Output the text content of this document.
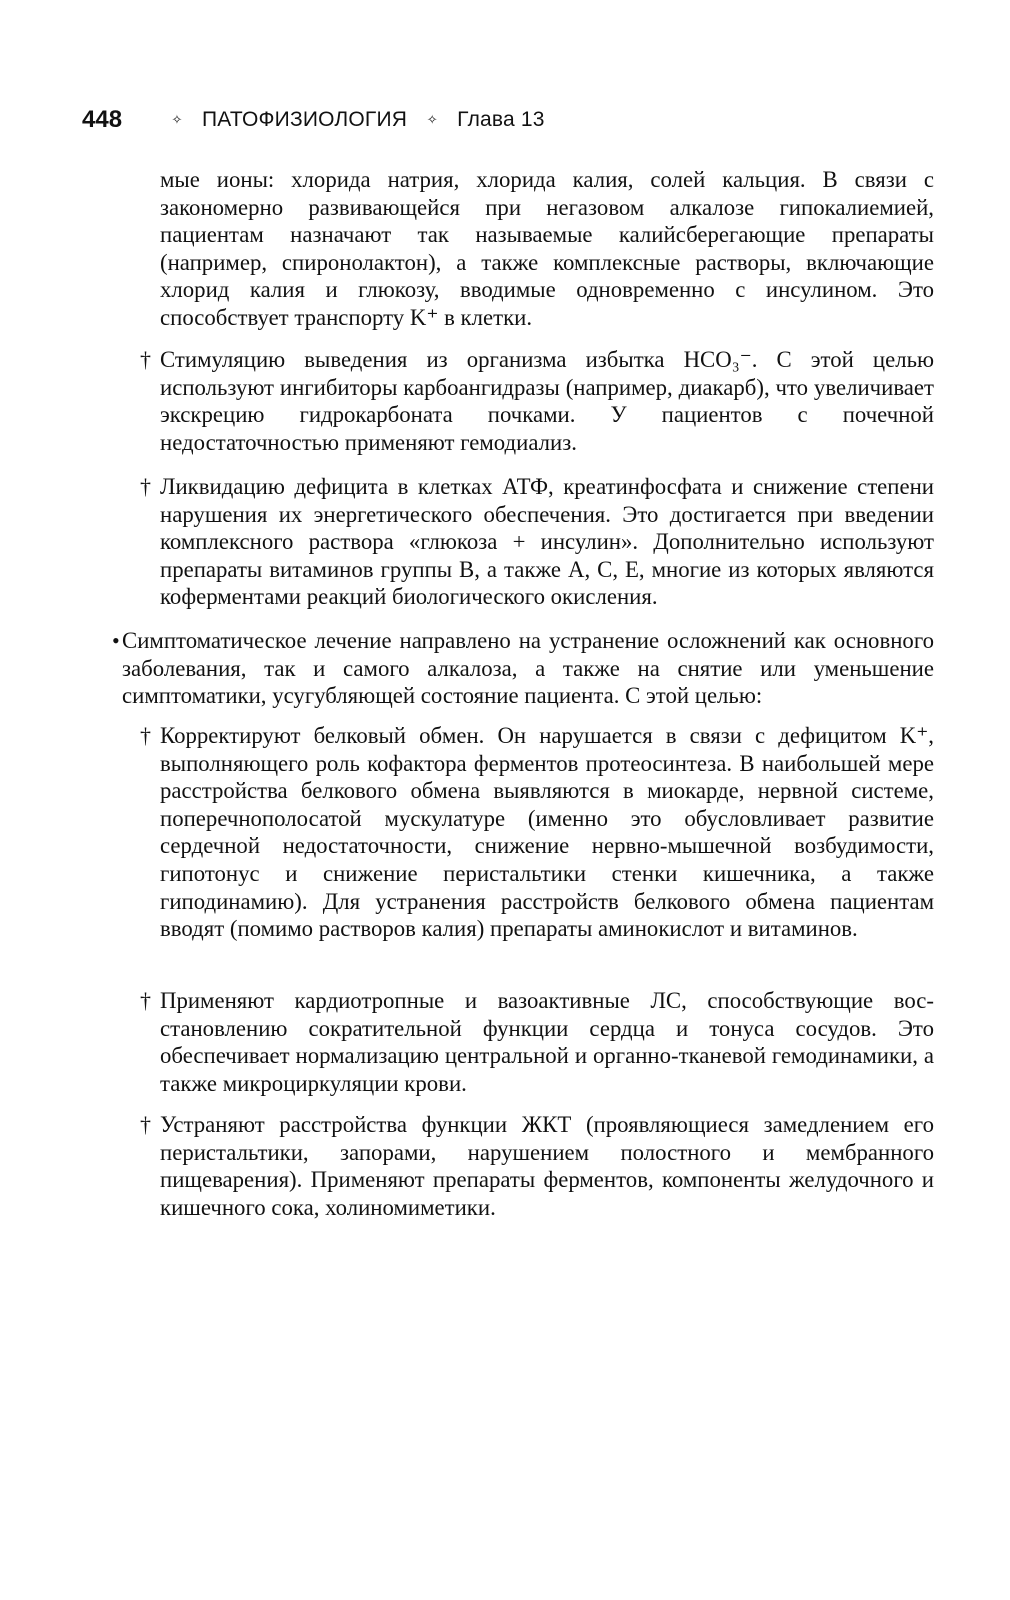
448	✧ ПАТОФИЗИОЛОГИЯ	✧ Глава 13
мые ионы: хлорида натрия, хлорида калия, солей кальция. В связи с закономерно развивающейся при негазовом алкалозе гипокалиемией, пациентам назначают так называемые калийсберегающие препараты (например, спиронолактон), а также комплексные растворы, включающие хлорид калия и глюкозу, вводимые одновременно с инсулином. Это способствует транспорту K⁺ в клетки.
† Стимуляцию выведения из организма избытка HCO₃⁻. С этой целью используют ингибиторы карбоангидразы (например, диакарб), что увеличивает экскрецию гидрокарбоната почками. У пациентов с почечной недостаточностью применяют гемодиализ.
† Ликвидацию дефицита в клетках АТФ, креатинфосфата и снижение степени нарушения их энергетического обеспечения. Это достигается при введении комплексного раствора «глюкоза + инсулин». Дополнительно используют препараты витаминов группы B, а также A, C, E, многие из которых являются коферментами реакций биологического окисления.
• Симптоматическое лечение направлено на устранение осложнений как основного заболевания, так и самого алкалоза, а также на снятие или уменьшение симптоматики, усугубляющей состояние пациента. С этой целью:
† Корректируют белковый обмен. Он нарушается в связи с дефицитом K⁺, выполняющего роль кофактора ферментов протеосинтеза. В наибольшей мере расстройства белкового обмена выявляются в миокарде, нервной системе, поперечнополосатой мускулатуре (именно это обусловливает развитие сердечной недостаточности, снижение нервно-мышечной возбудимости, гипотонус и снижение перистальтики стенки кишечника, а также гиподинамию). Для устранения расстройств белкового обмена пациентам вводят (помимо растворов калия) препараты аминокислот и витаминов.
† Применяют кардиотропные и вазоактивные ЛС, способствующие восстановлению сократительной функции сердца и тонуса сосудов. Это обеспечивает нормализацию центральной и органно-тканевой гемодинамики, а также микроциркуляции крови.
† Устраняют расстройства функции ЖКТ (проявляющиеся замедлением его перистальтики, запорами, нарушением полостного и мембранного пищеварения). Применяют препараты ферментов, компоненты желудочного и кишечного сока, холиномиметики.
